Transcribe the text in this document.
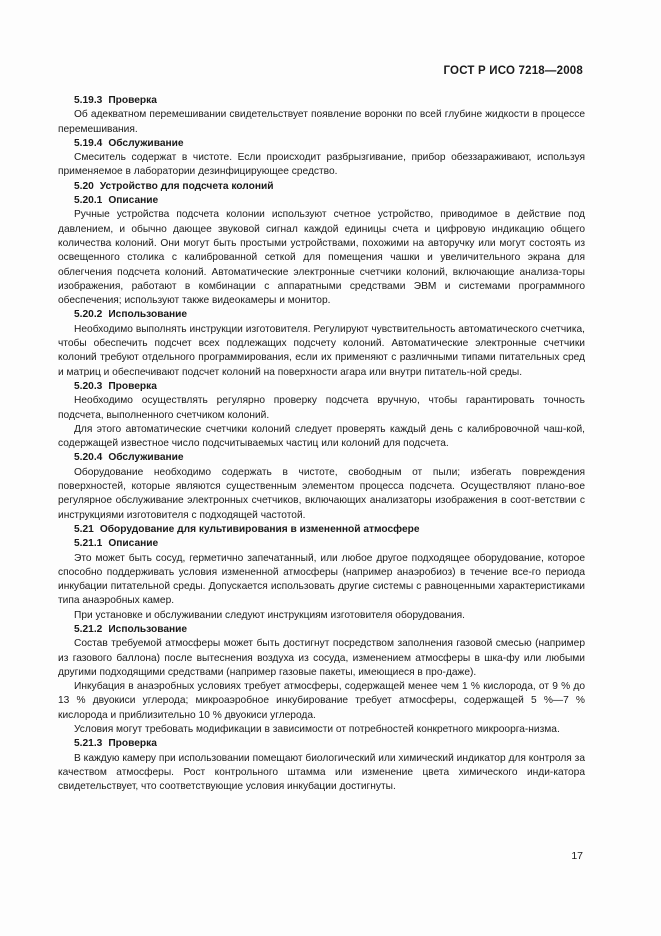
ГОСТ Р ИСО 7218—2008
5.19.3 Проверка

Об адекватном перемешивании свидетельствует появление воронки по всей глубине жидкости в процессе перемешивания.

5.19.4 Обслуживание

Смеситель содержат в чистоте. Если происходит разбрызгивание, прибор обеззараживают, используя применяемое в лаборатории дезинфицирующее средство.

5.20 Устройство для подсчета колоний
5.20.1 Описание

Ручные устройства подсчета колонии используют счетное устройство, приводимое в действие под давлением, и обычно дающее звуковой сигнал каждой единицы счета и цифровую индикацию общего количества колоний. Они могут быть простыми устройствами, похожими на авторучку или могут состоять из освещенного столика с калиброванной сеткой для помещения чашки и увеличительного экрана для облегчения подсчета колоний. Автоматические электронные счетчики колоний, включающие анализа-торы изображения, работают в комбинации с аппаратными средствами ЭВМ и системами программного обеспечения; используют также видеокамеры и монитор.

5.20.2 Использование

Необходимо выполнять инструкции изготовителя. Регулируют чувствительность автоматического счетчика, чтобы обеспечить подсчет всех подлежащих подсчету колоний. Автоматические электронные счетчики колоний требуют отдельного программирования, если их применяют с различными типами питательных сред и матриц и обеспечивают подсчет колоний на поверхности агара или внутри питатель-ной среды.

5.20.3 Проверка

Необходимо осуществлять регулярно проверку подсчета вручную, чтобы гарантировать точность подсчета, выполненного счетчиком колоний.

Для этого автоматические счетчики колоний следует проверять каждый день с калибровочной чаш-кой, содержащей известное число подсчитываемых частиц или колоний для подсчета.

5.20.4 Обслуживание

Оборудование необходимо содержать в чистоте, свободным от пыли; избегать повреждения поверхностей, которые являются существенным элементом процесса подсчета. Осуществляют плано-вое регулярное обслуживание электронных счетчиков, включающих анализаторы изображения в соот-ветствии с инструкциями изготовителя с подходящей частотой.

5.21 Оборудование для культивирования в измененной атмосфере
5.21.1 Описание

Это может быть сосуд, герметично запечатанный, или любое другое подходящее оборудование, которое способно поддерживать условия измененной атмосферы (например анаэробиоз) в течение все-го периода инкубации питательной среды. Допускается использовать другие системы с равноценными характеристиками типа анаэробных камер.

При установке и обслуживании следуют инструкциям изготовителя оборудования.

5.21.2 Использование

Состав требуемой атмосферы может быть достигнут посредством заполнения газовой смесью (например из газового баллона) после вытеснения воздуха из сосуда, изменением атмосферы в шка-фу или любыми другими подходящими средствами (например газовые пакеты, имеющиеся в про-даже).

Инкубация в анаэробных условиях требует атмосферы, содержащей менее чем 1 % кислорода, от 9 % до 13 % двуокиси углерода; микроаэробное инкубирование требует атмосферы, содержащей 5 %—7 % кислорода и приблизительно 10 % двуокиси углерода.

Условия могут требовать модификации в зависимости от потребностей конкретного микроорга-низма.

5.21.3 Проверка

В каждую камеру при использовании помещают биологический или химический индикатор для контроля за качеством атмосферы. Рост контрольного штамма или изменение цвета химического инди-катора свидетельствует, что соответствующие условия инкубации достигнуты.

17
